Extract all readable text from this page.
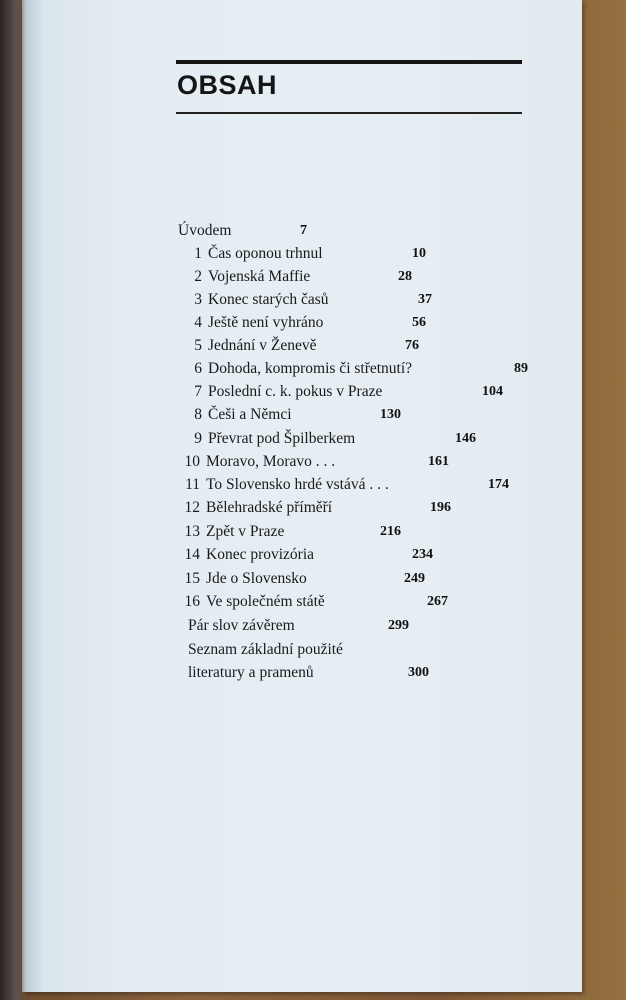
OBSAH
Úvodem	7
1 Čas oponou trhnul	10
2 Vojenská Maffie	28
3 Konec starých časů	37
4 Ještě není vyhráno	56
5 Jednání v Ženevě	76
6 Dohoda, kompromis či střetnutí?	89
7 Poslední c. k. pokus v Praze	104
8 Češi a Němci	130
9 Převrat pod Špilberkem	146
10 Moravo, Moravo . . .	161
11 To Slovensko hrdé vstává . . .	174
12 Bělehradské příměří	196
13 Zpět v Praze	216
14 Konec provizória	234
15 Jde o Slovensko	249
16 Ve společném státě	267
Pár slov závěrem	299
Seznam základní použité
literatury a pramenů	300
